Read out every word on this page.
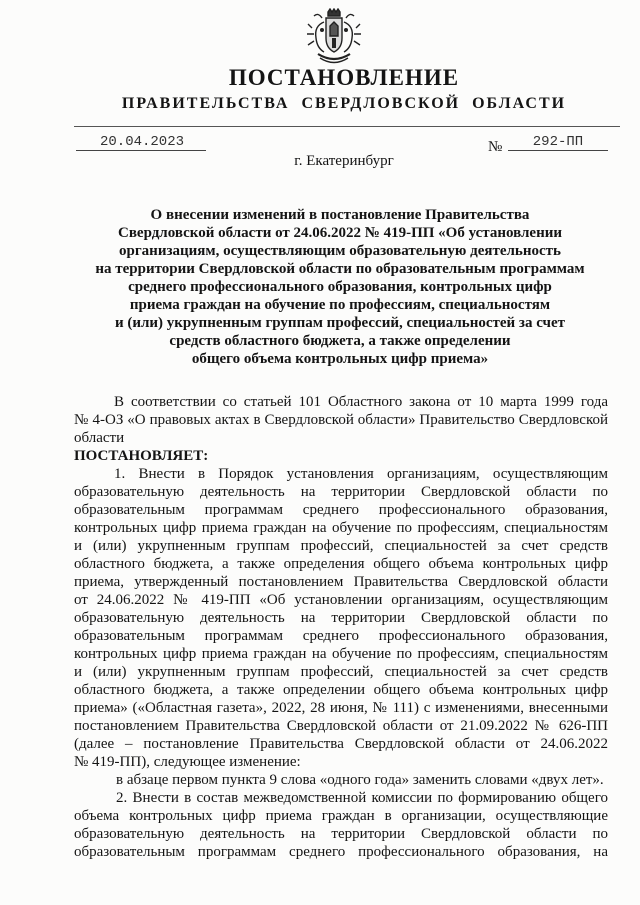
ПОСТАНОВЛЕНИЕ
ПРАВИТЕЛЬСТВА СВЕРДЛОВСКОЙ ОБЛАСТИ
20.04.2023	№	292-ПП
г. Екатеринбург
О внесении изменений в постановление Правительства
Свердловской области от 24.06.2022 № 419-ПП «Об установлении
организациям, осуществляющим образовательную деятельность
на территории Свердловской области по образовательным программам
среднего профессионального образования, контрольных цифр
приема граждан на обучение по профессиям, специальностям
и (или) укрупненным группам профессий, специальностей за счет
средств областного бюджета, а также определении
общего объема контрольных цифр приема»
В соответствии со статьей 101 Областного закона от 10 марта 1999 года
№ 4-ОЗ «О правовых актах в Свердловской области» Правительство Свердловской
области
ПОСТАНОВЛЯЕТ:
1. Внести в Порядок установления организациям, осуществляющим
образовательную деятельность на территории Свердловской области по
образовательным программам среднего профессионального образования,
контрольных цифр приема граждан на обучение по профессиям, специальностям
и (или) укрупненным группам профессий, специальностей за счет средств
областного бюджета, а также определения общего объема контрольных цифр
приема, утвержденный постановлением Правительства Свердловской области
от 24.06.2022 № 419-ПП «Об установлении организациям, осуществляющим
образовательную деятельность на территории Свердловской области по
образовательным программам среднего профессионального образования,
контрольных цифр приема граждан на обучение по профессиям, специальностям
и (или) укрупненным группам профессий, специальностей за счет средств
областного бюджета, а также определении общего объема контрольных цифр
приема» («Областная газета», 2022, 28 июня, № 111) с изменениями, внесенными
постановлением Правительства Свердловской области от 21.09.2022 № 626-ПП
(далее – постановление Правительства Свердловской области от 24.06.2022
№ 419-ПП), следующее изменение:
в абзаце первом пункта 9 слова «одного года» заменить словами «двух лет».
2. Внести в состав межведомственной комиссии по формированию общего
объема контрольных цифр приема граждан в организации, осуществляющие
образовательную деятельность на территории Свердловской области по
образовательным программам среднего профессионального образования, на
